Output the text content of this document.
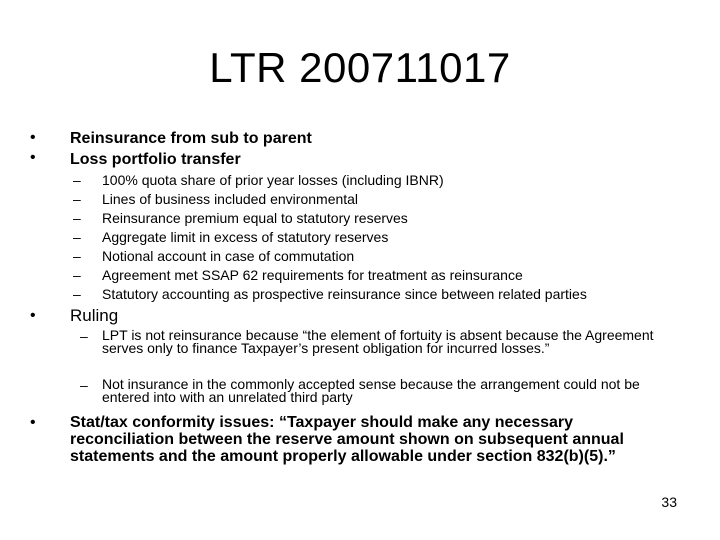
LTR 200711017
• Reinsurance from sub to parent
• Loss portfolio transfer
– 100% quota share of prior year losses (including IBNR)
– Lines of business included environmental
– Reinsurance premium equal to statutory reserves
– Aggregate limit in excess of statutory reserves
– Notional account in case of commutation
– Agreement met SSAP 62 requirements for treatment as reinsurance
– Statutory accounting as prospective reinsurance since between related parties
• Ruling
– LPT is not reinsurance because “the element of fortuity is absent because the Agreement serves only to finance Taxpayer’s present obligation for incurred losses.”
– Not insurance in the commonly accepted sense because the arrangement could not be entered into with an unrelated third party
• Stat/tax conformity issues: “Taxpayer should make any necessary reconciliation between the reserve amount shown on subsequent annual statements and the amount properly allowable under section 832(b)(5).”
33
